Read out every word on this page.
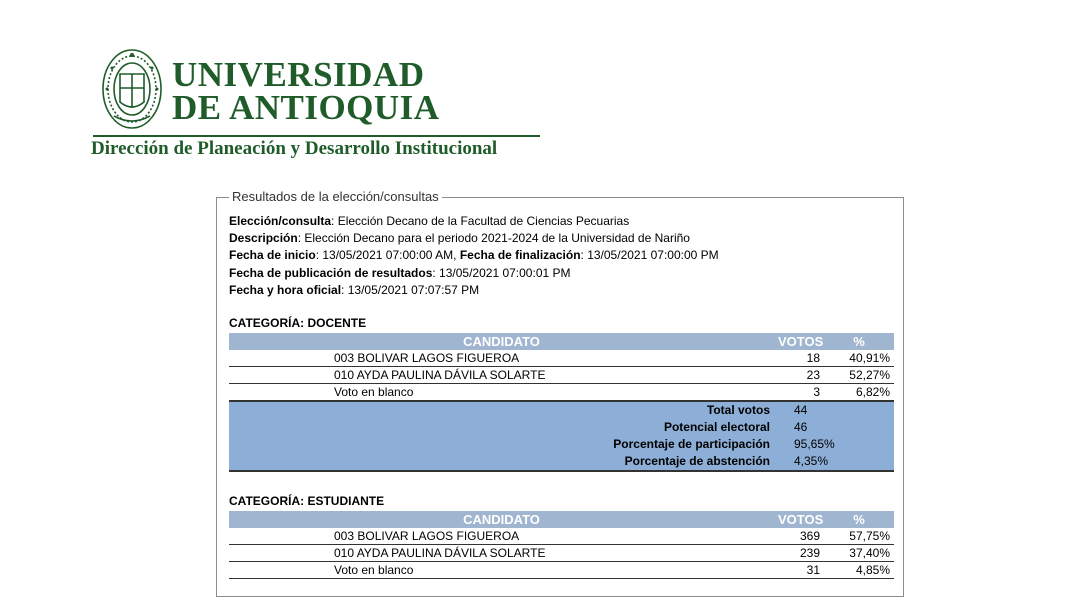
UNIVERSIDAD
DE ANTIOQUIA
Dirección de Planeación y Desarrollo Institucional
Resultados de la elección/consultas
Elección/consulta: Elección Decano de la Facultad de Ciencias Pecuarias
Descripción: Elección Decano para el periodo 2021-2024 de la Universidad de Nariño
Fecha de inicio: 13/05/2021 07:00:00 AM, Fecha de finalización: 13/05/2021 07:00:00 PM
Fecha de publicación de resultados: 13/05/2021 07:00:01 PM
Fecha y hora oficial: 13/05/2021 07:07:57 PM
CATEGORÍA: DOCENTE
CANDIDATO	VOTOS	%
003 BOLIVAR LAGOS FIGUEROA	18	40,91%
010 AYDA PAULINA DÁVILA SOLARTE	23	52,27%
Voto en blanco	3	6,82%
Total votos	44	
Potencial electoral	46	
Porcentaje de participación	95,65%	
Porcentaje de abstención	4,35%	
CATEGORÍA: ESTUDIANTE
CANDIDATO	VOTOS	%
003 BOLIVAR LAGOS FIGUEROA	369	57,75%
010 AYDA PAULINA DÁVILA SOLARTE	239	37,40%
Voto en blanco	31	4,85%
